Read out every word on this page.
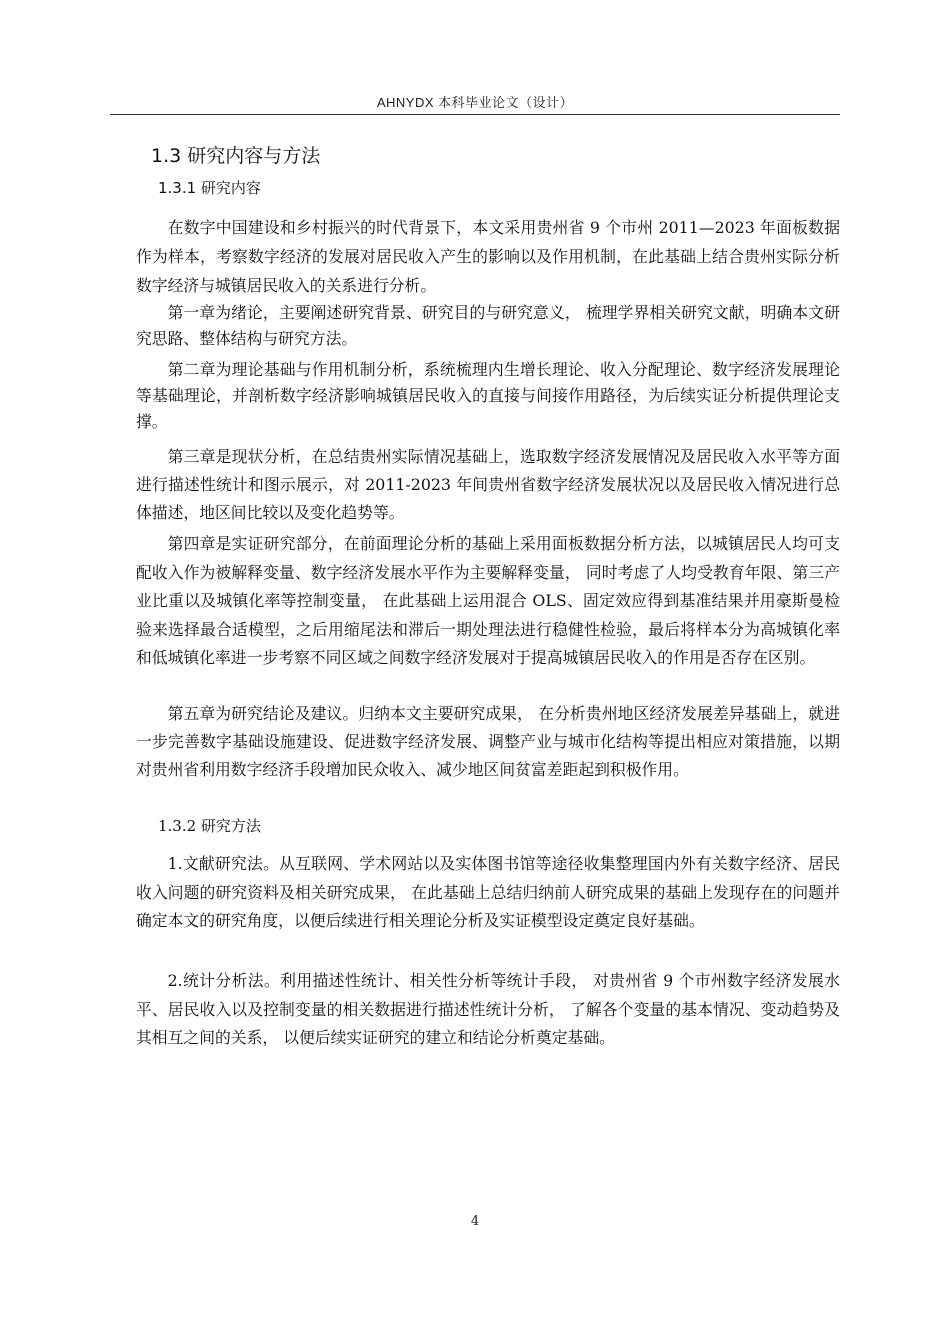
AHNYDX 本科毕业论文（设计）
1.3 研究内容与方法
1.3.1 研究内容

在数字中国建设和乡村振兴的时代背景下，本文采用贵州省 9 个市州 2011—2023 年面板数据作为样本，考察数字经济的发展对居民收入产生的影响以及作用机制，在此基础上结合贵州实际分析数字经济与城镇居民收入的关系进行分析。

第一章为绪论，主要阐述研究背景、研究目的与研究意义， 梳理学界相关研究文献，明确本文研究思路、整体结构与研究方法。

第二章为理论基础与作用机制分析，系统梳理内生增长理论、收入分配理论、数字经济发展理论等基础理论，并剖析数字经济影响城镇居民收入的直接与间接作用路径，为后续实证分析提供理论支撑。

第三章是现状分析，在总结贵州实际情况基础上，选取数字经济发展情况及居民收入水平等方面进行描述性统计和图示展示，对 2011-2023 年间贵州省数字经济发展状况以及居民收入情况进行总体描述，地区间比较以及变化趋势等。

第四章是实证研究部分，在前面理论分析的基础上采用面板数据分析方法，以城镇居民人均可支配收入作为被解释变量、数字经济发展水平作为主要解释变量， 同时考虑了人均受教育年限、第三产业比重以及城镇化率等控制变量， 在此基础上运用混合 OLS、固定效应得到基准结果并用豪斯曼检验来选择最合适模型，之后用缩尾法和滞后一期处理法进行稳健性检验，最后将样本分为高城镇化率和低城镇化率进一步考察不同区域之间数字经济发展对于提高城镇居民收入的作用是否存在区别。

第五章为研究结论及建议。归纳本文主要研究成果， 在分析贵州地区经济发展差异基础上，就进一步完善数字基础设施建设、促进数字经济发展、调整产业与城市化结构等提出相应对策措施，以期对贵州省利用数字经济手段增加民众收入、减少地区间贫富差距起到积极作用。

1.3.2 研究方法

1.文献研究法。从互联网、学术网站以及实体图书馆等途径收集整理国内外有关数字经济、居民收入问题的研究资料及相关研究成果， 在此基础上总结归纳前人研究成果的基础上发现存在的问题并确定本文的研究角度，以便后续进行相关理论分析及实证模型设定奠定良好基础。

2.统计分析法。利用描述性统计、相关性分析等统计手段， 对贵州省 9 个市州数字经济发展水平、居民收入以及控制变量的相关数据进行描述性统计分析， 了解各个变量的基本情况、变动趋势及其相互之间的关系， 以便后续实证研究的建立和结论分析奠定基础。

4
